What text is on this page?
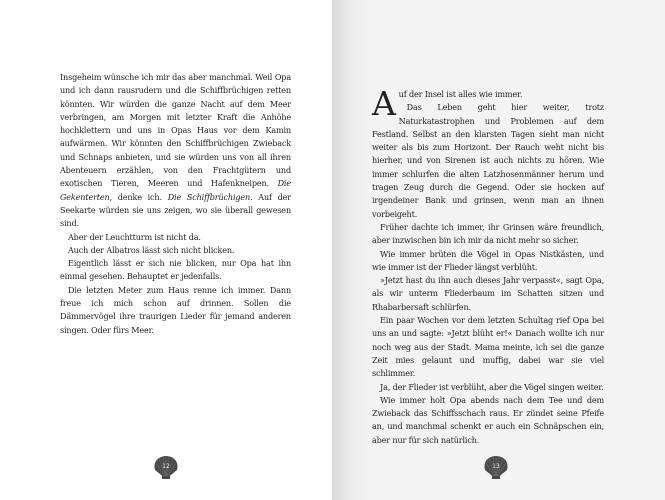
Insgeheim wünsche ich mir das aber manchmal. Weil Opa und ich dann rausrudern und die Schiffbrüchigen retten könnten. Wir würden die ganze Nacht auf dem Meer verbringen, am Morgen mit letzter Kraft die Anhöhe hochklettern und uns in Opas Haus vor dem Kamin aufwärmen. Wir könnten den Schiffbrüchigen Zwieback und Schnaps anbieten, und sie würden uns von all ihren Abenteuern erzählen, von den Frachtgütern und exotischen Tieren, Meeren und Hafenkneipen. Die Gekenterten, denke ich. Die Schiffbrüchigen. Auf der Seekarte würden sie uns zeigen, wo sie überall gewesen sind.

Aber der Leuchtturm ist nicht da.

Auch der Albatros lässt sich nicht blicken.

Eigentlich lässt er sich nie blicken, nur Opa hat ihn einmal gesehen. Behauptet er jedenfalls.

Die letzten Meter zum Haus renne ich immer. Dann freue ich mich schon auf drinnen. Sollen die Dämmervögel ihre traurigen Lieder für jemand anderen singen. Oder fürs Meer.

12

Auf der Insel ist alles wie immer.

Das Leben geht hier weiter, trotz Naturkatastrophen und Problemen auf dem Festland. Selbst an den klarsten Tagen sieht man nicht weiter als bis zum Horizont. Der Rauch weht nicht bis hierher, und von Sirenen ist auch nichts zu hören. Wie immer schlurfen die alten Latzhosenmänner herum und tragen Zeug durch die Gegend. Oder sie hocken auf irgendeiner Bank und grinsen, wenn man an ihnen vorbeigeht.

Früher dachte ich immer, ihr Grinsen wäre freundlich, aber inzwischen bin ich mir da nicht mehr so sicher.

Wie immer brüten die Vögel in Opas Nistkästen, und wie immer ist der Flieder längst verblüht.

»Jetzt hast du ihn auch dieses Jahr verpasst«, sagt Opa, als wir unterm Fliederbaum im Schatten sitzen und Rhabarbersaft schlürfen.

Ein paar Wochen vor dem letzten Schultag rief Opa bei uns an und sagte: »Jetzt blüht er!« Danach wollte ich nur noch weg aus der Stadt. Mama meinte, ich sei die ganze Zeit mies gelaunt und muffig, dabei war sie viel schlimmer.

Ja, der Flieder ist verblüht, aber die Vögel singen weiter.

Wie immer holt Opa abends nach dem Tee und dem Zwieback das Schiffsschach raus. Er zündet seine Pfeife an, und manchmal schenkt er auch ein Schnäpschen ein, aber nur für sich natürlich.

13
